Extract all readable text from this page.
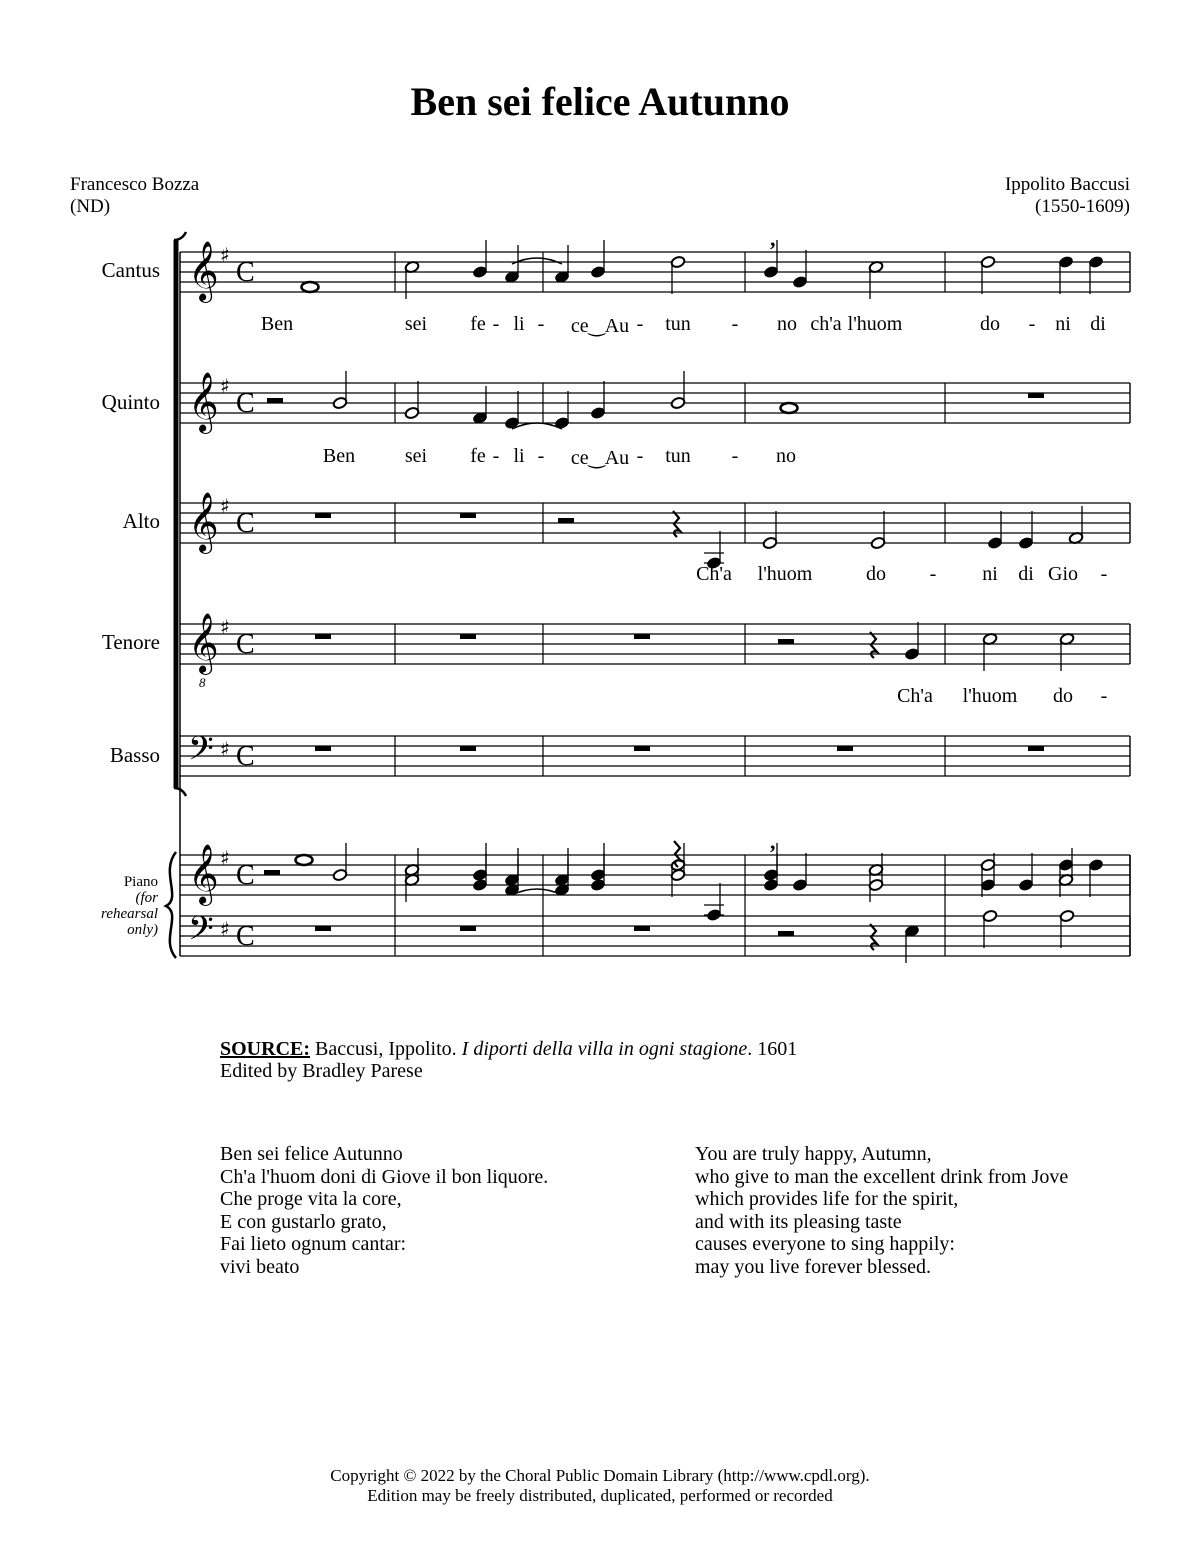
Ben sei felice Autunno
Francesco Bozza
(ND)
Ippolito Baccusi
(1550-1609)
Cantus
Quinto
Alto
Tenore
Basso
Piano
(for
rehearsal
only)
𝄞 ♯
C
𝄞 ♯
C
𝄞 ♯
C
𝄞 ♯
C
𝄢 ♯ C
𝄞 ♯
C
𝄢 ♯ C
,
,
8
Ben	sei fe - li - ce‿Au - tun - no ch'a l'huom	do - ni di
Ben sei fe - li - ce‿Au - tun - no
Ch'a l'huom	do - ni di Gio -
Ch'a l'huom do -
SOURCE: Baccusi, Ippolito. I diporti della villa in ogni stagione. 1601
Edited by Bradley Parese
Ben sei felice Autunno
Ch'a l'huom doni di Giove il bon liquore.
Che proge vita la core,
E con gustarlo grato,
Fai lieto ognum cantar:
vivi beato
You are truly happy, Autumn,
who give to man the excellent drink from Jove
which provides life for the spirit,
and with its pleasing taste
causes everyone to sing happily:
may you live forever blessed.
Copyright © 2022 by the Choral Public Domain Library (http://www.cpdl.org).
Edition may be freely distributed, duplicated, performed or recorded
